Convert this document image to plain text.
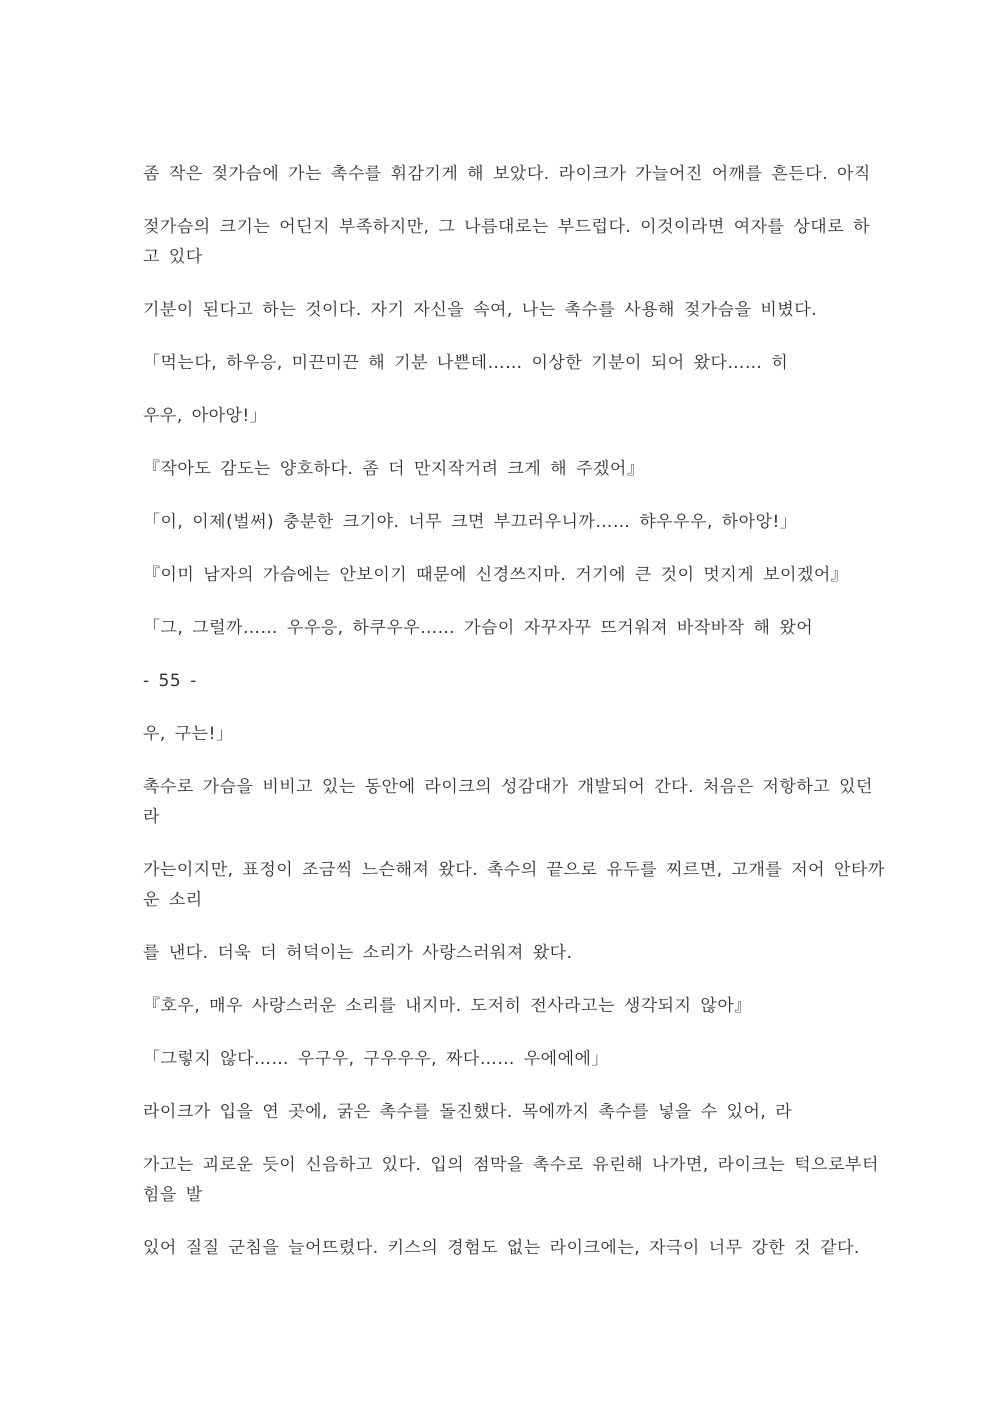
좀 작은 젖가슴에 가는 촉수를 휘감기게 해 보았다. 라이크가 가늘어진 어깨를 흔든다. 아직
젖가슴의 크기는 어딘지 부족하지만, 그 나름대로는 부드럽다. 이것이라면 여자를 상대로 하
고 있다
기분이 된다고 하는 것이다. 자기 자신을 속여, 나는 촉수를 사용해 젖가슴을 비볐다.
「먹는다, 하우응, 미끈미끈 해 기분 나쁜데…… 이상한 기분이 되어 왔다…… 히
우우, 아아앙!」
『작아도 감도는 양호하다. 좀 더 만지작거려 크게 해 주겠어』
「이, 이제(벌써) 충분한 크기야. 너무 크면 부끄러우니까…… 햐우우우, 하아앙!」
『이미 남자의 가슴에는 안보이기 때문에 신경쓰지마. 거기에 큰 것이 멋지게 보이겠어』
「그, 그럴까…… 우우응, 하쿠우우…… 가슴이 자꾸자꾸 뜨거워져 바작바작 해 왔어
- 55 -
우, 구는!」
촉수로 가슴을 비비고 있는 동안에 라이크의 성감대가 개발되어 간다. 처음은 저항하고 있던
라
가는이지만, 표정이 조금씩 느슨해져 왔다. 촉수의 끝으로 유두를 찌르면, 고개를 저어 안타까
운 소리
를 낸다. 더욱 더 허덕이는 소리가 사랑스러워져 왔다.
『호우, 매우 사랑스러운 소리를 내지마. 도저히 전사라고는 생각되지 않아』
「그렇지 않다…… 우구우, 구우우우, 짜다…… 우에에에」
라이크가 입을 연 곳에, 굵은 촉수를 돌진했다. 목에까지 촉수를 넣을 수 있어, 라
가고는 괴로운 듯이 신음하고 있다. 입의 점막을 촉수로 유린해 나가면, 라이크는 턱으로부터
힘을 발
있어 질질 군침을 늘어뜨렸다. 키스의 경험도 없는 라이크에는, 자극이 너무 강한 것 같다.
